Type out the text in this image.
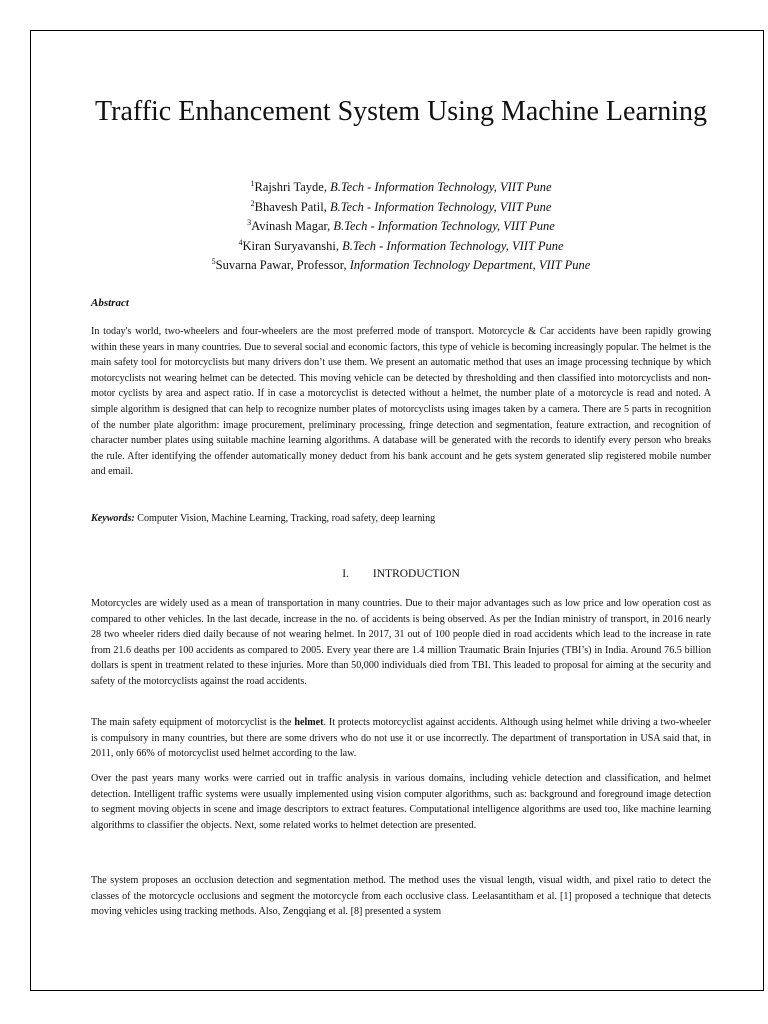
Traffic Enhancement System Using Machine Learning
$^1$Rajshri Tayde, B.Tech - Information Technology, VIIT Pune
$^2$Bhavesh Patil, B.Tech - Information Technology, VIIT Pune
$^3$Avinash Magar, B.Tech - Information Technology, VIIT Pune
$^4$Kiran Suryavanshi, B.Tech - Information Technology, VIIT Pune
$^5$Suvarna Pawar, Professor, Information Technology Department, VIIT Pune
Abstract
In today's world, two-wheelers and four-wheelers are the most preferred mode of transport. Motorcycle & Car accidents have been rapidly growing within these years in many countries. Due to several social and economic factors, this type of vehicle is becoming increasingly popular. The helmet is the main safety tool for motorcyclists but many drivers don’t use them. We present an automatic method that uses an image processing technique by which motorcyclists not wearing helmet can be detected. This moving vehicle can be detected by thresholding and then classified into motorcyclists and non-motor cyclists by area and aspect ratio. If in case a motorcyclist is detected without a helmet, the number plate of a motorcycle is read and noted. A simple algorithm is designed that can help to recognize number plates of motorcyclists using images taken by a camera. There are 5 parts in recognition of the number plate algorithm: image procurement, preliminary processing, fringe detection and segmentation, feature extraction, and recognition of character number plates using suitable machine learning algorithms. A database will be generated with the records to identify every person who breaks the rule. After identifying the offender automatically money deduct from his bank account and he gets system generated slip registered mobile number and email.
Keywords: Computer Vision, Machine Learning, Tracking, road safety, deep learning
I. INTRODUCTION
Motorcycles are widely used as a mean of transportation in many countries. Due to their major advantages such as low price and low operation cost as compared to other vehicles. In the last decade, increase in the no. of accidents is being observed. As per the Indian ministry of transport, in 2016 nearly 28 two wheeler riders died daily because of not wearing helmet. In 2017, 31 out of 100 people died in road accidents which lead to the increase in rate from 21.6 deaths per 100 accidents as compared to 2005. Every year there are 1.4 million Traumatic Brain Injuries (TBI’s) in India. Around 76.5 billion dollars is spent in treatment related to these injuries. More than 50,000 individuals died from TBI. This leaded to proposal for aiming at the security and safety of the motorcyclists against the road accidents.
The main safety equipment of motorcyclist is the helmet. It protects motorcyclist against accidents. Although using helmet while driving a two-wheeler is compulsory in many countries, but there are some drivers who do not use it or use incorrectly. The department of transportation in USA said that, in 2011, only 66% of motorcyclist used helmet according to the law.
Over the past years many works were carried out in traffic analysis in various domains, including vehicle detection and classification, and helmet detection. Intelligent traffic systems were usually implemented using vision computer algorithms, such as: background and foreground image detection to segment moving objects in scene and image descriptors to extract features. Computational intelligence algorithms are used too, like machine learning algorithms to classifier the objects. Next, some related works to helmet detection are presented.
The system proposes an occlusion detection and segmentation method. The method uses the visual length, visual width, and pixel ratio to detect the classes of the motorcycle occlusions and segment the motorcycle from each occlusive class. Leelasantitham et al. [1] proposed a technique that detects moving vehicles using tracking methods. Also, Zengqiang et al. [8] presented a system
